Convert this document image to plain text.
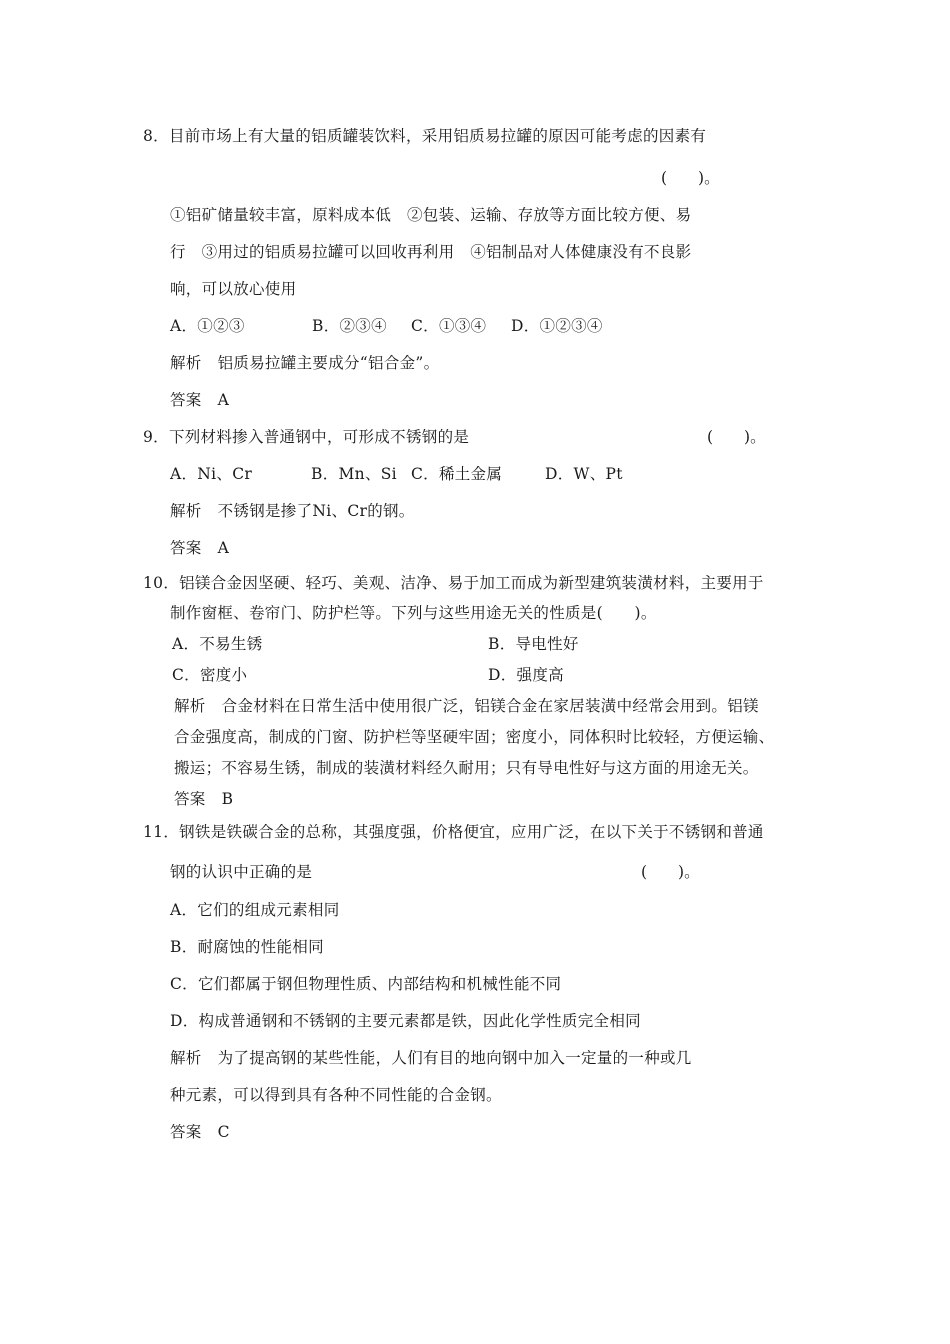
8．目前市场上有大量的铝质罐装饮料，采用铝质易拉罐的原因可能考虑的因素有
(　　)。
①铝矿储量较丰富，原料成本低　②包装、运输、存放等方面比较方便、易
行　③用过的铝质易拉罐可以回收再利用　④铝制品对人体健康没有不良影
响，可以放心使用
A．①②③	B．②③④ C．①③④ D．①②③④
解析 铝质易拉罐主要成分“铝合金”。
答案 A
9．下列材料掺入普通钢中，可形成不锈钢的是	(　　)。
A．Ni、Cr	B．Mn、Si C．稀土金属	D．W、Pt
解析 不锈钢是掺了Ni、Cr的钢。
答案 A
10．铝镁合金因坚硬、轻巧、美观、洁净、易于加工而成为新型建筑装潢材料，主要用于
制作窗框、卷帘门、防护栏等。下列与这些用途无关的性质是(　　)。
A．不易生锈	B．导电性好
C．密度小	D．强度高
解析 合金材料在日常生活中使用很广泛，铝镁合金在家居装潢中经常会用到。铝镁
合金强度高，制成的门窗、防护栏等坚硬牢固；密度小，同体积时比较轻，方便运输、
搬运；不容易生锈，制成的装潢材料经久耐用；只有导电性好与这方面的用途无关。
答案 B
11．钢铁是铁碳合金的总称，其强度强，价格便宜，应用广泛，在以下关于不锈钢和普通
钢的认识中正确的是	(　　)。
A．它们的组成元素相同
B．耐腐蚀的性能相同
C．它们都属于钢但物理性质、内部结构和机械性能不同
D．构成普通钢和不锈钢的主要元素都是铁，因此化学性质完全相同
解析 为了提高钢的某些性能，人们有目的地向钢中加入一定量的一种或几
种元素，可以得到具有各种不同性能的合金钢。
答案 C
